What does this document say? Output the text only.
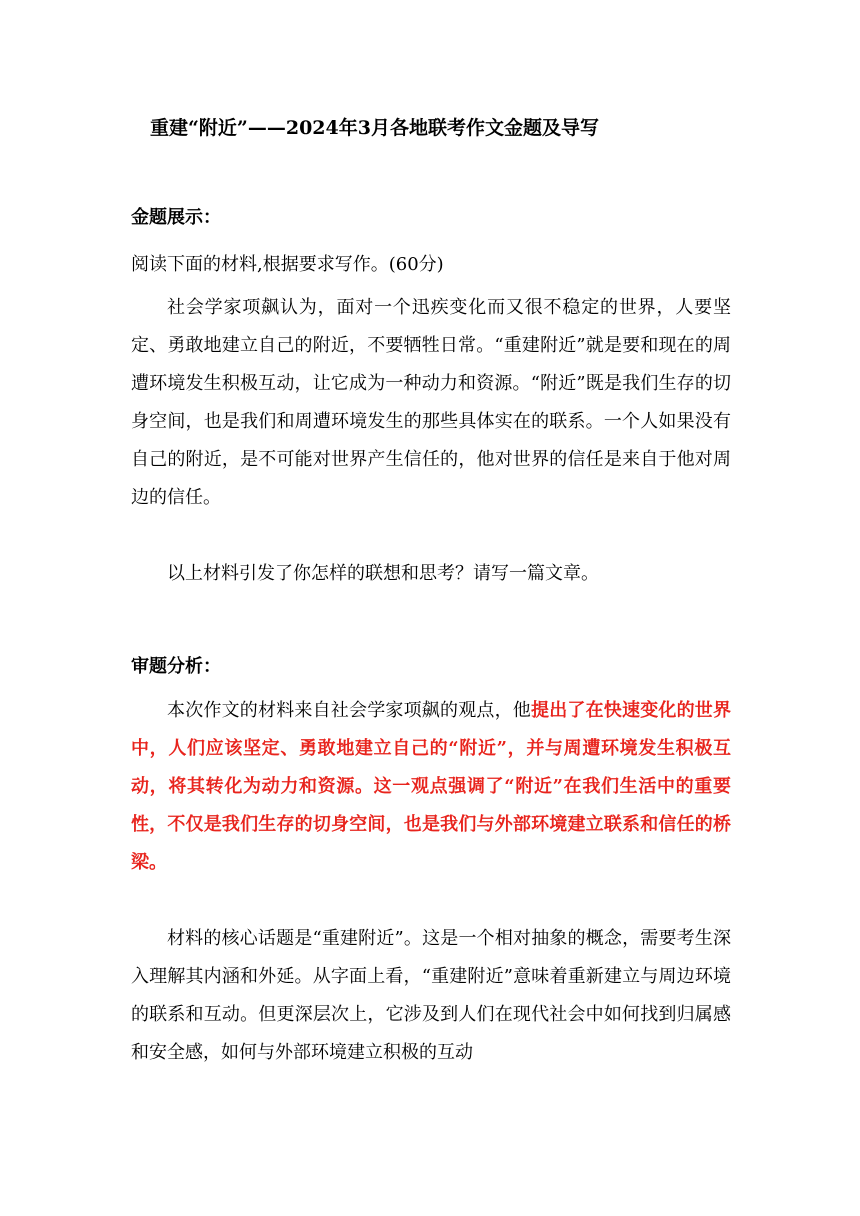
重建“附近”——2024年3月各地联考作文金题及导写
金题展示：
阅读下面的材料,根据要求写作。(60分)

社会学家项飙认为，面对一个迅疾变化而又很不稳定的世界，人要坚定、勇敢地建立自己的附近，不要牺牲日常。“重建附近”就是要和现在的周遭环境发生积极互动，让它成为一种动力和资源。“附近”既是我们生存的切身空间，也是我们和周遭环境发生的那些具体实在的联系。一个人如果没有自己的附近，是不可能对世界产生信任的，他对世界的信任是来自于他对周边的信任。

以上材料引发了你怎样的联想和思考？请写一篇文章。

审题分析：

本次作文的材料来自社会学家项飙的观点，他提出了在快速变化的世界中，人们应该坚定、勇敢地建立自己的“附近”，并与周遭环境发生积极互动，将其转化为动力和资源。这一观点强调了“附近”在我们生活中的重要性，不仅是我们生存的切身空间，也是我们与外部环境建立联系和信任的桥梁。

材料的核心话题是“重建附近”。这是一个相对抽象的概念，需要考生深入理解其内涵和外延。从字面上看，“重建附近”意味着重新建立与周边环境的联系和互动。但更深层次上，它涉及到人们在现代社会中如何找到归属感和安全感，如何与外部环境建立积极的互动
